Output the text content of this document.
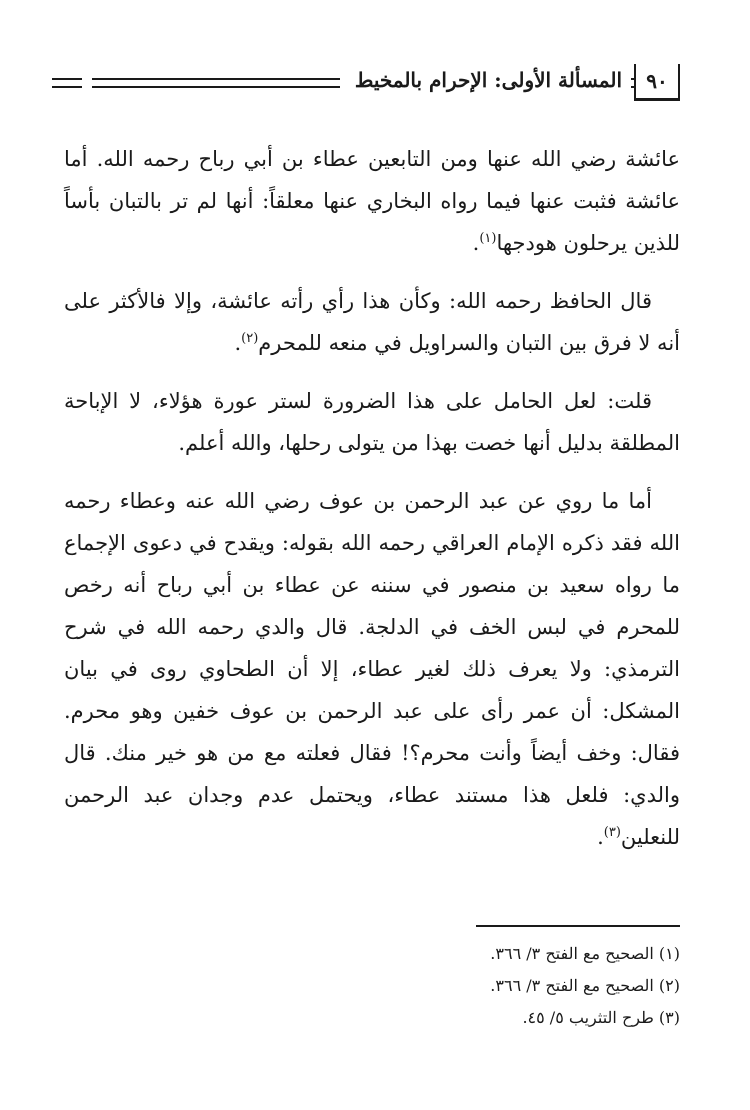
٩٠
المسألة الأولى: الإحرام بالمخيط

عائشة رضي الله عنها ومن التابعين عطاء بن أبي رباح رحمه الله. أما عائشة فثبت عنها فيما رواه البخاري عنها معلقاً: أنها لم تر بالتبان بأساً للذين يرحلون هودجها$^{(١)}$.

قال الحافظ رحمه الله: وكأن هذا رأي رأته عائشة، وإلا فالأكثر على أنه لا فرق بين التبان والسراويل في منعه للمحرم$^{(٢)}$.

قلت: لعل الحامل على هذا الضرورة لستر عورة هؤلاء، لا الإباحة المطلقة بدليل أنها خصت بهذا من يتولى رحلها، والله أعلم.

أما ما روي عن عبد الرحمن بن عوف رضي الله عنه وعطاء رحمه الله فقد ذكره الإمام العراقي رحمه الله بقوله: ويقدح في دعوى الإجماع ما رواه سعيد بن منصور في سننه عن عطاء بن أبي رباح أنه رخص للمحرم في لبس الخف في الدلجة. قال والدي رحمه الله في شرح الترمذي: ولا يعرف ذلك لغير عطاء، إلا أن الطحاوي روى في بيان المشكل: أن عمر رأى على عبد الرحمن بن عوف خفين وهو محرم. فقال: وخف أيضاً وأنت محرم؟! فقال فعلته مع من هو خير منك. قال والدي: فلعل هذا مستند عطاء، ويحتمل عدم وجدان عبد الرحمن للنعلين$^{(٣)}$.

(١) الصحيح مع الفتح ٣/ ٣٦٦.
(٢) الصحيح مع الفتح ٣/ ٣٦٦.
(٣) طرح التثريب ٥/ ٤٥.
